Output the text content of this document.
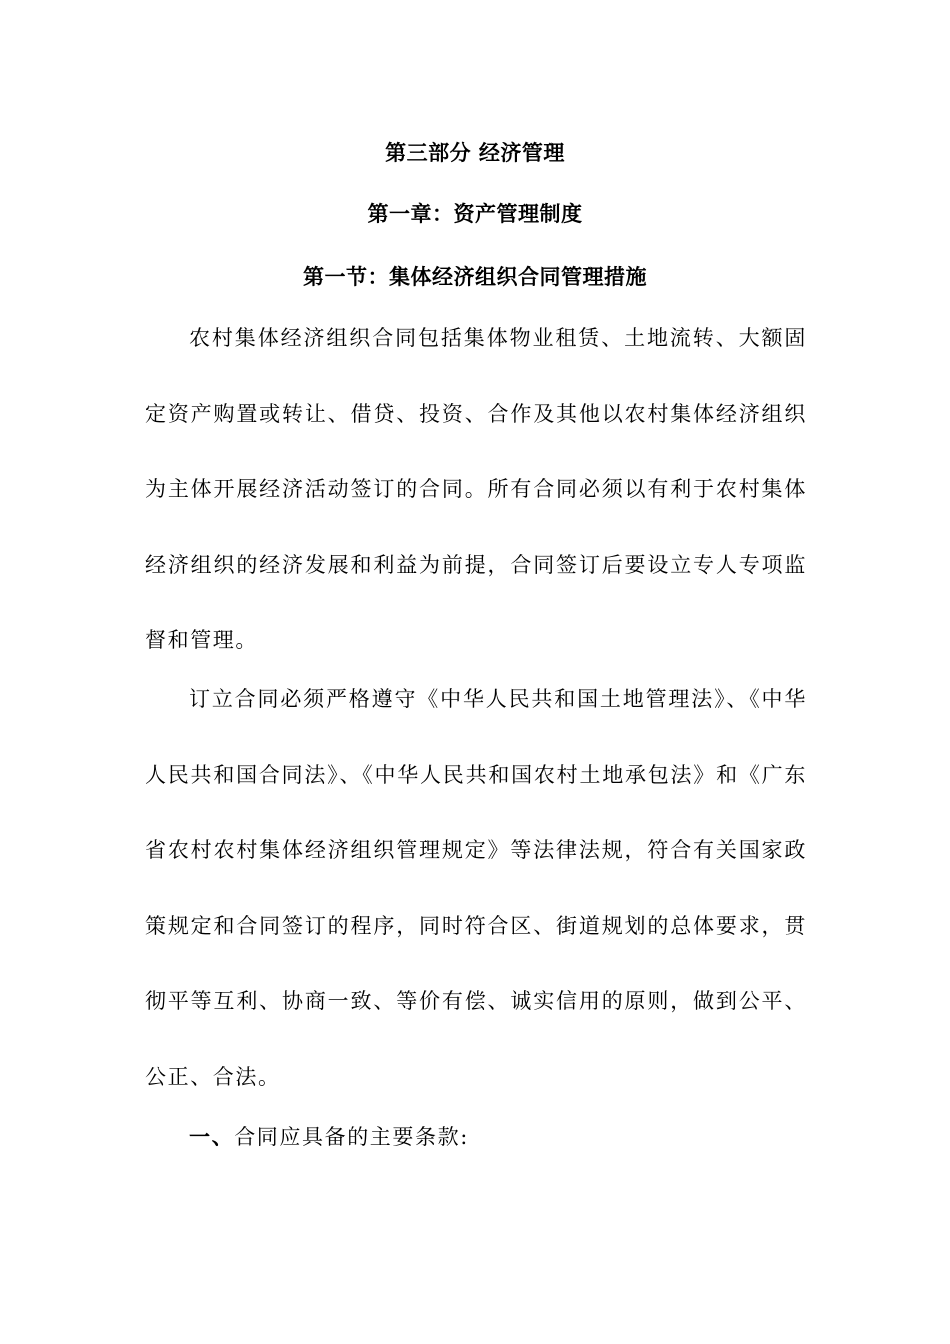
第三部分 经济管理
第一章：资产管理制度
第一节：集体经济组织合同管理措施

农村集体经济组织合同包括集体物业租赁、土地流转、大额固定资产购置或转让、借贷、投资、合作及其他以农村集体经济组织为主体开展经济活动签订的合同。所有合同必须以有利于农村集体经济组织的经济发展和利益为前提，合同签订后要设立专人专项监督和管理。

订立合同必须严格遵守《中华人民共和国土地管理法》、《中华人民共和国合同法》、《中华人民共和国农村土地承包法》和《广东省农村农村集体经济组织管理规定》等法律法规，符合有关国家政策规定和合同签订的程序，同时符合区、街道规划的总体要求，贯彻平等互利、协商一致、等价有偿、诚实信用的原则，做到公平、公正、合法。

一、合同应具备的主要条款:
